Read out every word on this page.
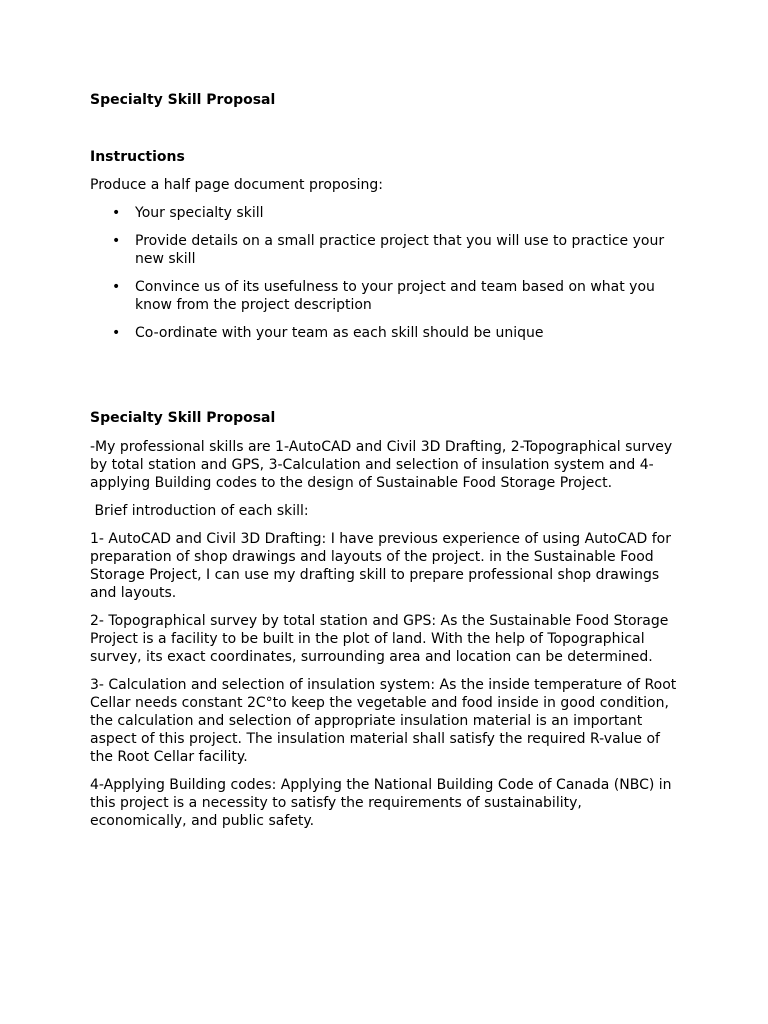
Specialty Skill Proposal
Instructions

Produce a half page document proposing:

• Your specialty skill
• Provide details on a small practice project that you will use to practice your new skill
• Convince us of its usefulness to your project and team based on what you know from the project description
• Co-ordinate with your team as each skill should be unique
Specialty Skill Proposal

-My professional skills are 1-AutoCAD and Civil 3D Drafting, 2-Topographical survey by total station and GPS, 3-Calculation and selection of insulation system and 4-applying Building codes to the design of Sustainable Food Storage Project.

Brief introduction of each skill:

1- AutoCAD and Civil 3D Drafting: I have previous experience of using AutoCAD for preparation of shop drawings and layouts of the project. in the Sustainable Food Storage Project, I can use my drafting skill to prepare professional shop drawings and layouts.

2- Topographical survey by total station and GPS: As the Sustainable Food Storage Project is a facility to be built in the plot of land. With the help of Topographical survey, its exact coordinates, surrounding area and location can be determined.

3- Calculation and selection of insulation system: As the inside temperature of Root Cellar needs constant 2C°to keep the vegetable and food inside in good condition, the calculation and selection of appropriate insulation material is an important aspect of this project. The insulation material shall satisfy the required R-value of the Root Cellar facility.

4-Applying Building codes: Applying the National Building Code of Canada (NBC) in this project is a necessity to satisfy the requirements of sustainability, economically, and public safety.
